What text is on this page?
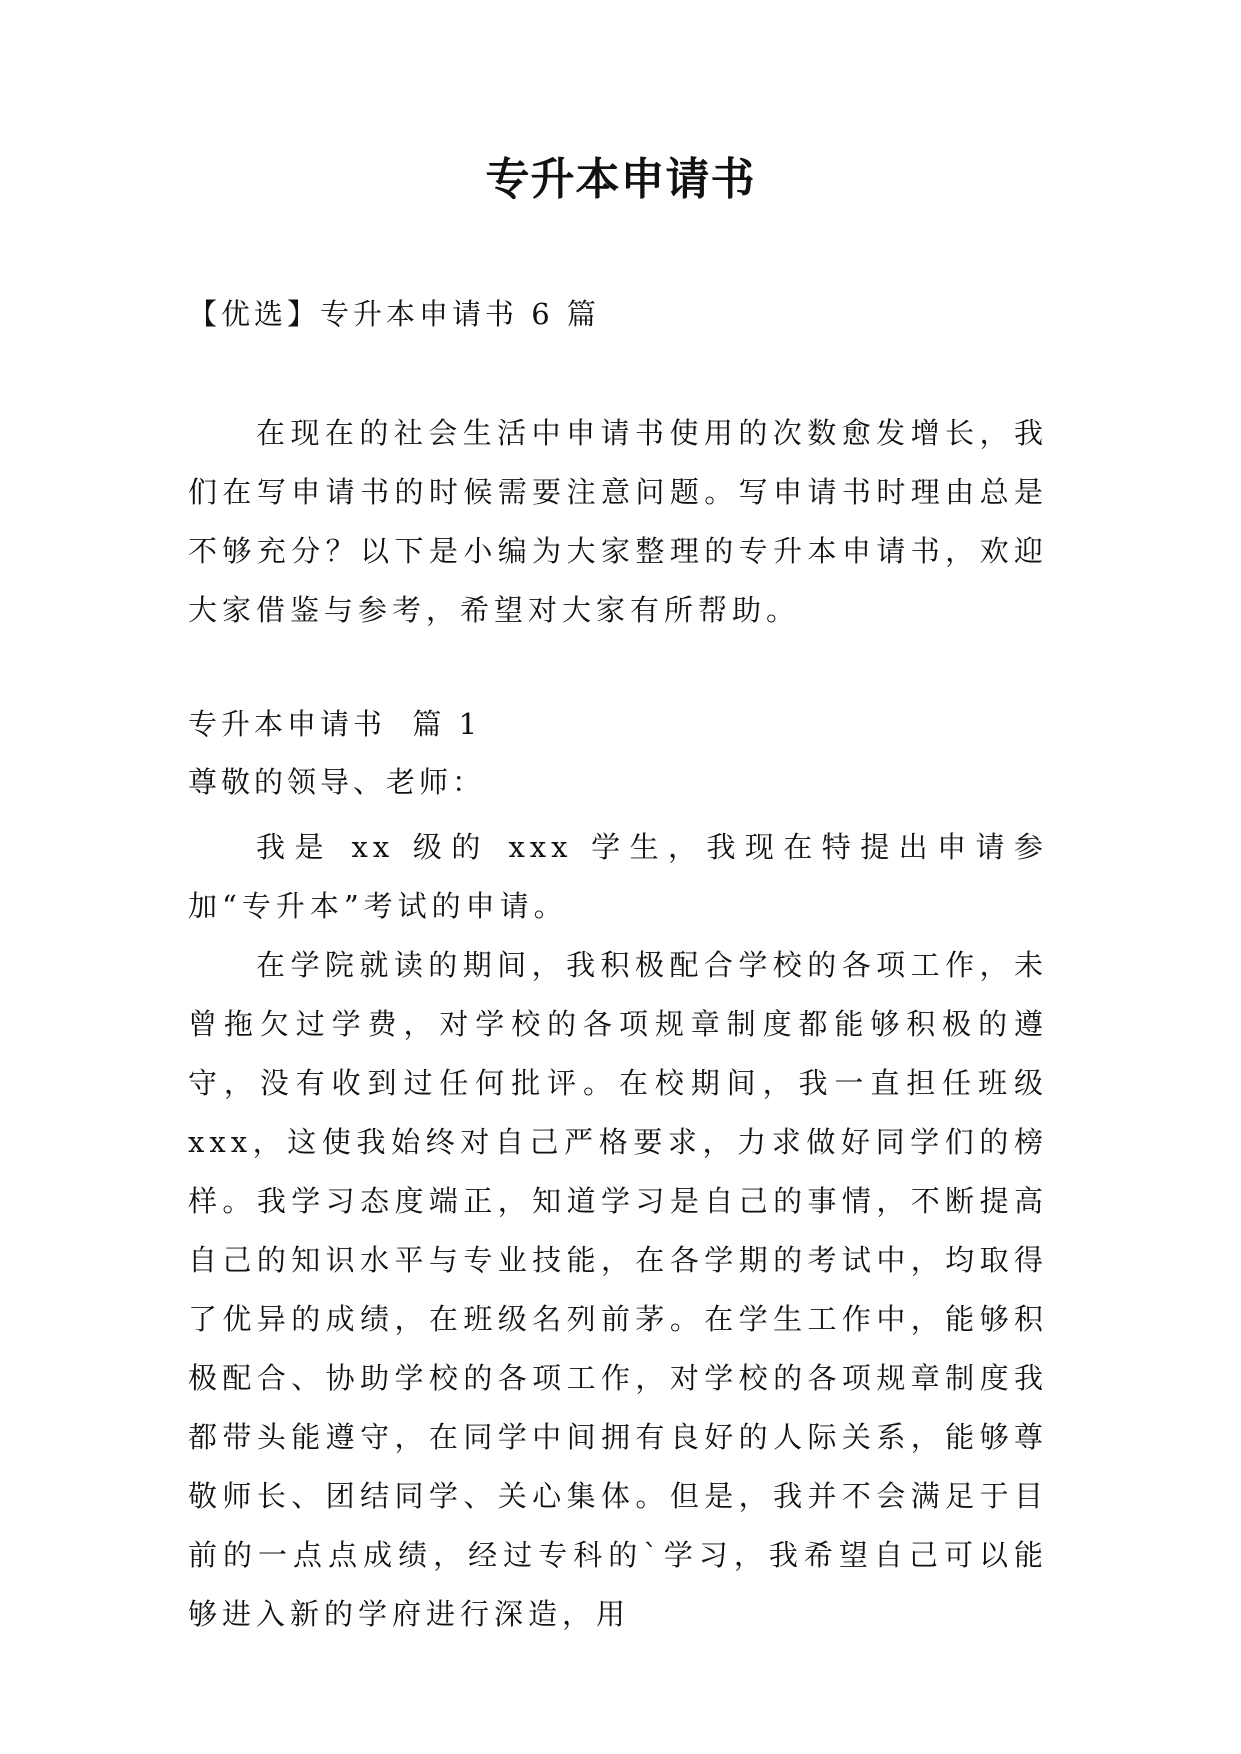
专升本申请书

【优选】专升本申请书 6 篇

在现在的社会生活中申请书使用的次数愈发增长，我们在写申请书的时候需要注意问题。写申请书时理由总是不够充分？以下是小编为大家整理的专升本申请书，欢迎大家借鉴与参考，希望对大家有所帮助。

专升本申请书  篇 1

尊敬的领导、老师：

我是 xx 级的 xxx 学生，我现在特提出申请参加“专升本”考试的申请。

在学院就读的期间，我积极配合学校的各项工作，未曾拖欠过学费，对学校的各项规章制度都能够积极的遵守，没有收到过任何批评。在校期间，我一直担任班级 xxx，这使我始终对自己严格要求，力求做好同学们的榜样。我学习态度端正，知道学习是自己的事情，不断提高自己的知识水平与专业技能，在各学期的考试中，均取得了优异的成绩，在班级名列前茅。在学生工作中，能够积极配合、协助学校的各项工作，对学校的各项规章制度我都带头能遵守，在同学中间拥有良好的人际关系，能够尊敬师长、团结同学、关心集体。但是，我并不会满足于目前的一点点成绩，经过专科的`学习，我希望自己可以能够进入新的学府进行深造，用
